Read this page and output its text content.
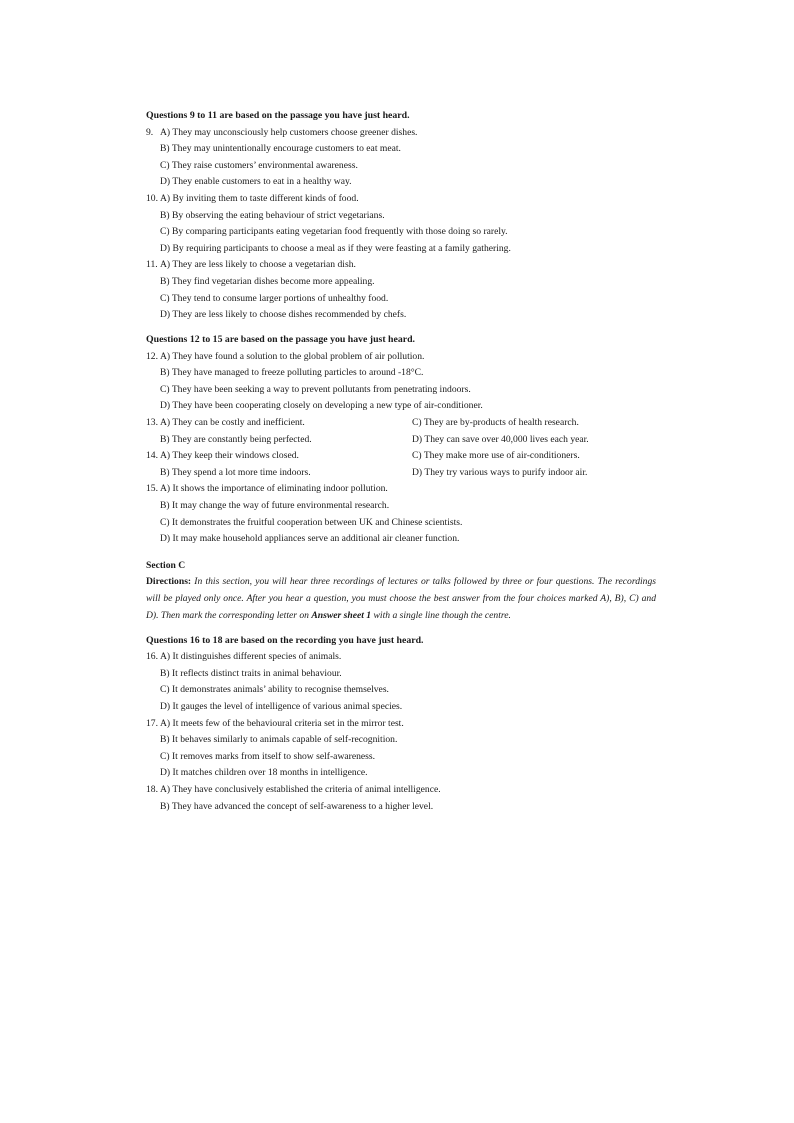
Questions 9 to 11 are based on the passage you have just heard.

9. A) They may unconsciously help customers choose greener dishes.

B) They may unintentionally encourage customers to eat meat.

C) They raise customers’ environmental awareness.

D) They enable customers to eat in a healthy way.

10. A) By inviting them to taste different kinds of food.

B) By observing the eating behaviour of strict vegetarians.

C) By comparing participants eating vegetarian food frequently with those doing so rarely.

D) By requiring participants to choose a meal as if they were feasting at a family gathering.

11. A) They are less likely to choose a vegetarian dish.

B) They find vegetarian dishes become more appealing.

C) They tend to consume larger portions of unhealthy food.

D) They are less likely to choose dishes recommended by chefs.

Questions 12 to 15 are based on the passage you have just heard.

12. A) They have found a solution to the global problem of air pollution.

B) They have managed to freeze polluting particles to around -18°C.

C) They have been seeking a way to prevent pollutants from penetrating indoors.

D) They have been cooperating closely on developing a new type of air-conditioner.

13. A) They can be costly and inefficient.	C) They are by-products of health research.
B) They are constantly being perfected.	D) They can save over 40,000 lives each year.
14. A) They keep their windows closed.	C) They make more use of air-conditioners.
B) They spend a lot more time indoors.	D) They try various ways to purify indoor air.

15. A) It shows the importance of eliminating indoor pollution.

B) It may change the way of future environmental research.

C) It demonstrates the fruitful cooperation between UK and Chinese scientists.

D) It may make household appliances serve an additional air cleaner function.

Section C

Directions: In this section, you will hear three recordings of lectures or talks followed by three or four questions. The recordings will be played only once. After you hear a question, you must choose the best answer from the four choices marked A), B), C) and D). Then mark the corresponding letter on Answer sheet 1 with a single line though the centre.

Questions 16 to 18 are based on the recording you have just heard.

16. A) It distinguishes different species of animals.

B) It reflects distinct traits in animal behaviour.

C) It demonstrates animals’ ability to recognise themselves.

D) It gauges the level of intelligence of various animal species.

17. A) It meets few of the behavioural criteria set in the mirror test.

B) It behaves similarly to animals capable of self-recognition.

C) It removes marks from itself to show self-awareness.

D) It matches children over 18 months in intelligence.

18. A) They have conclusively established the criteria of animal intelligence.

B) They have advanced the concept of self-awareness to a higher level.
